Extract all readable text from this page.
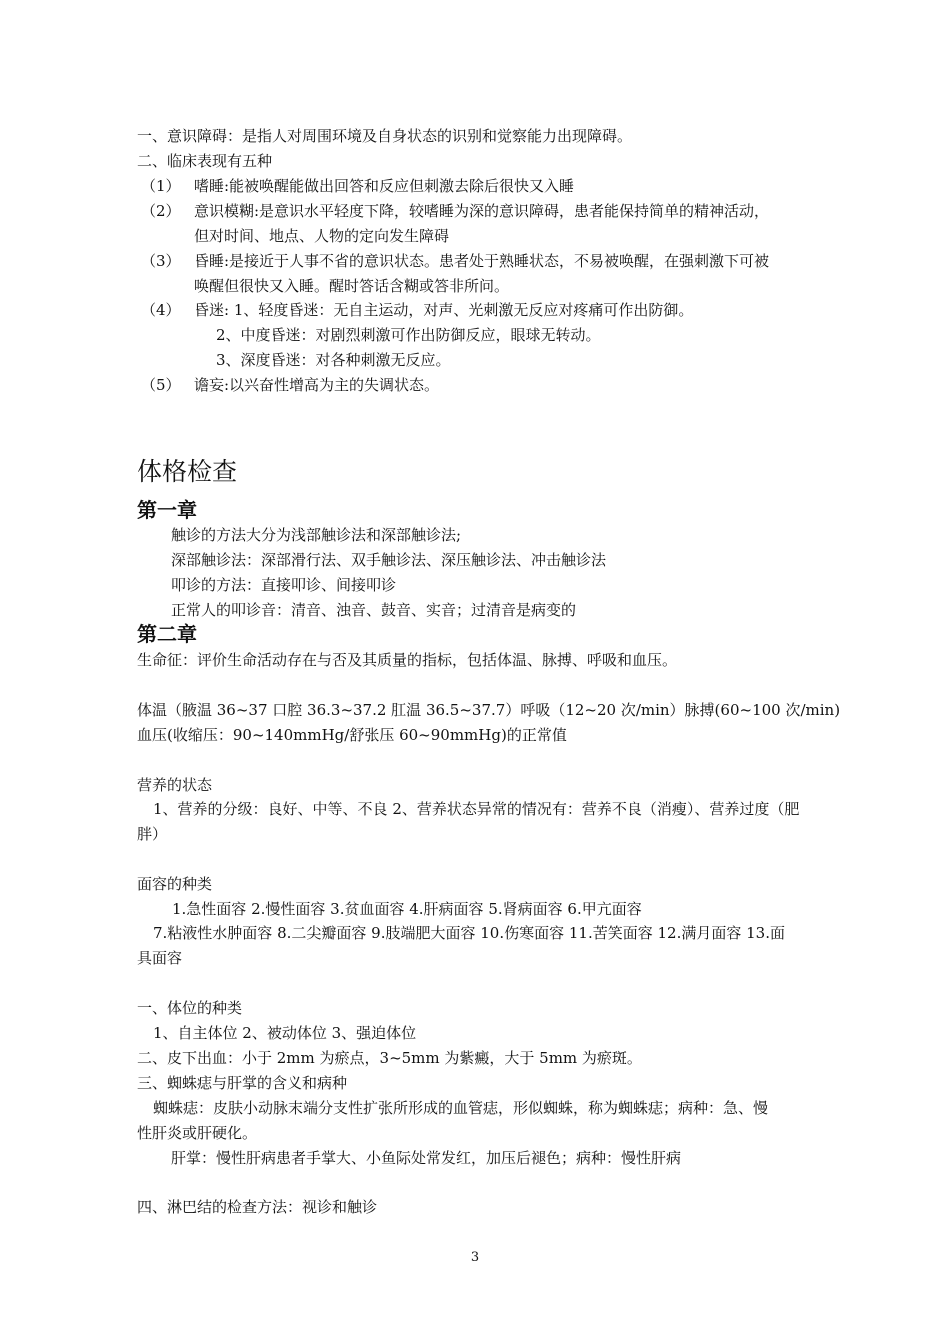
一、意识障碍：是指人对周围环境及自身状态的识别和觉察能力出现障碍。
二、临床表现有五种
（1） 嗜睡:能被唤醒能做出回答和反应但刺激去除后很快又入睡
（2） 意识模糊:是意识水平轻度下降，较嗜睡为深的意识障碍，患者能保持简单的精神活动，
但对时间、地点、人物的定向发生障碍
（3） 昏睡:是接近于人事不省的意识状态。患者处于熟睡状态，不易被唤醒，在强刺激下可被
唤醒但很快又入睡。醒时答话含糊或答非所问。
（4） 昏迷: 1、轻度昏迷：无自主运动，对声、光刺激无反应对疼痛可作出防御。
2、中度昏迷：对剧烈刺激可作出防御反应，眼球无转动。
3、深度昏迷：对各种刺激无反应。
（5） 谵妄:以兴奋性增高为主的失调状态。
体格检查
第一章
触诊的方法大分为浅部触诊法和深部触诊法;
深部触诊法：深部滑行法、双手触诊法、深压触诊法、冲击触诊法
叩诊的方法：直接叩诊、间接叩诊
正常人的叩诊音：清音、浊音、鼓音、实音；过清音是病变的
第二章
生命征：评价生命活动存在与否及其质量的指标，包括体温、脉搏、呼吸和血压。
体温（腋温 36~37 口腔 36.3~37.2 肛温 36.5~37.7）呼吸（12~20 次/min）脉搏(60~100 次/min)
血压(收缩压：90~140mmHg/舒张压 60~90mmHg)的正常值
营养的状态
1、营养的分级：良好、中等、不良 2、营养状态异常的情况有：营养不良（消瘦）、营养过度（肥
胖）
面容的种类
1.急性面容 2.慢性面容 3.贫血面容 4.肝病面容 5.肾病面容 6.甲亢面容
7.粘液性水肿面容 8.二尖瓣面容 9.肢端肥大面容 10.伤寒面容 11.苦笑面容 12.满月面容 13.面
具面容
一、体位的种类
1、自主体位 2、被动体位 3、强迫体位
二、皮下出血：小于 2mm 为瘀点，3~5mm 为紫癜，大于 5mm 为瘀斑。
三、蜘蛛痣与肝掌的含义和病种
蜘蛛痣：皮肤小动脉末端分支性扩张所形成的血管痣，形似蜘蛛，称为蜘蛛痣；病种：急、慢
性肝炎或肝硬化。
肝掌：慢性肝病患者手掌大、小鱼际处常发红，加压后褪色；病种：慢性肝病
四、淋巴结的检查方法：视诊和触诊
3
